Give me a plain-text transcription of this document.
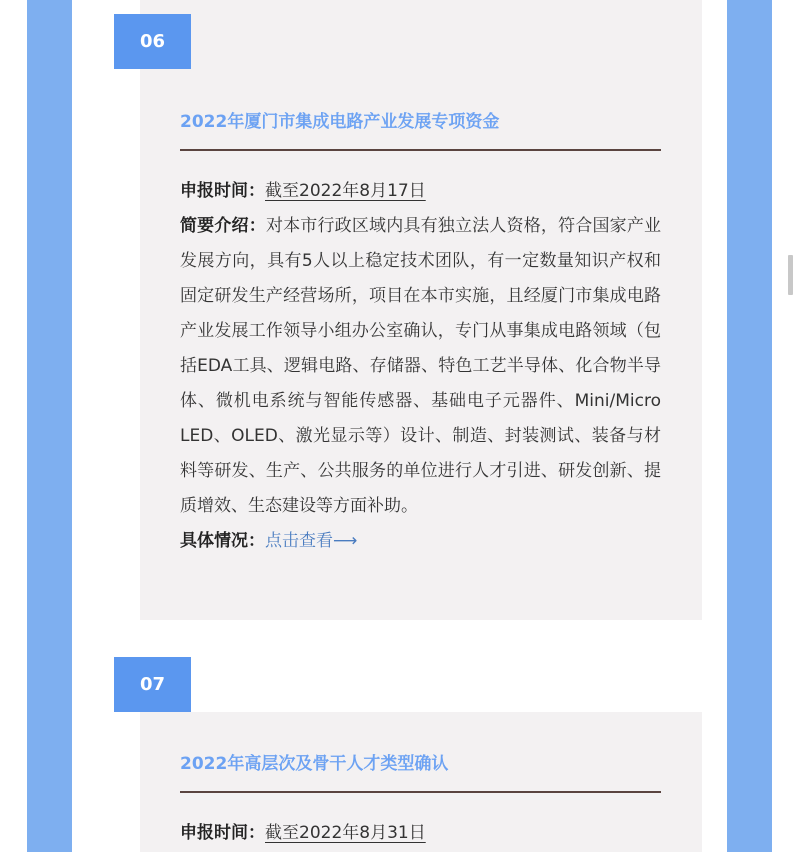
06
2022年厦门市集成电路产业发展专项资金

申报时间：截至2022年8月17日

简要介绍：对本市行政区域内具有独立法人资格，符合国家产业发展方向，具有5人以上稳定技术团队，有一定数量知识产权和固定研发生产经营场所，项目在本市实施，且经厦门市集成电路产业发展工作领导小组办公室确认，专门从事集成电路领域（包括EDA工具、逻辑电路、存储器、特色工艺半导体、化合物半导体、微机电系统与智能传感器、基础电子元器件、Mini/Micro LED、OLED、激光显示等）设计、制造、封装测试、装备与材料等研发、生产、公共服务的单位进行人才引进、研发创新、提质增效、生态建设等方面补助。

具体情况：点击查看⟶

07
2022年高层次及骨干人才类型确认

申报时间：截至2022年8月31日
